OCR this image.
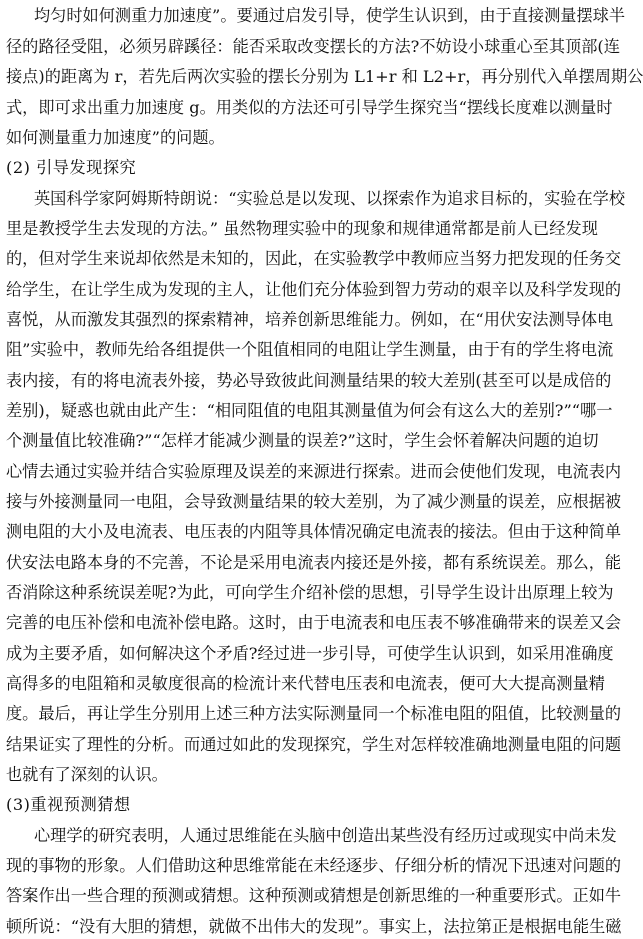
均匀时如何测重力加速度”。要通过启发引导，使学生认识到，由于直接测量摆球半
径的路径受阻，必须另辟蹊径：能否采取改变摆长的方法?不妨设小球重心至其顶部(连
接点)的距离为 r，若先后两次实验的摆长分别为 L1+r 和 L2+r，再分别代入单摆周期公
式，即可求出重力加速度 g。用类似的方法还可引导学生探究当“摆线长度难以测量时
如何测量重力加速度”的问题。
(2) 引导发现探究
英国科学家阿姆斯特朗说：“实验总是以发现、以探索作为追求目标的，实验在学校
里是教授学生去发现的方法。” 虽然物理实验中的现象和规律通常都是前人已经发现
的，但对学生来说却依然是未知的，因此，在实验教学中教师应当努力把发现的任务交
给学生，在让学生成为发现的主人，让他们充分体验到智力劳动的艰辛以及科学发现的
喜悦，从而激发其强烈的探索精神，培养创新思维能力。例如，在“用伏安法测导体电
阻”实验中，教师先给各组提供一个阻值相同的电阻让学生测量，由于有的学生将电流
表内接，有的将电流表外接，势必导致彼此间测量结果的较大差别(甚至可以是成倍的
差别)，疑惑也就由此产生：“相同阻值的电阻其测量值为何会有这么大的差别?”“哪一
个测量值比较准确?”“怎样才能减少测量的误差?”这时，学生会怀着解决问题的迫切
心情去通过实验并结合实验原理及误差的来源进行探索。进而会使他们发现，电流表内
接与外接测量同一电阻，会导致测量结果的较大差别，为了减少测量的误差，应根据被
测电阻的大小及电流表、电压表的内阻等具体情况确定电流表的接法。但由于这种简单
伏安法电路本身的不完善，不论是采用电流表内接还是外接，都有系统误差。那么，能
否消除这种系统误差呢?为此，可向学生介绍补偿的思想，引导学生设计出原理上较为
完善的电压补偿和电流补偿电路。这时，由于电流表和电压表不够准确带来的误差又会
成为主要矛盾，如何解决这个矛盾?经过进一步引导，可使学生认识到，如采用准确度
高得多的电阻箱和灵敏度很高的检流计来代替电压表和电流表，便可大大提高测量精
度。最后，再让学生分别用上述三种方法实际测量同一个标准电阻的阻值，比较测量的
结果证实了理性的分析。而通过如此的发现探究，学生对怎样较准确地测量电阻的问题
也就有了深刻的认识。
(3)重视预测猜想
心理学的研究表明，人通过思维能在头脑中创造出某些没有经历过或现实中尚未发
现的事物的形象。人们借助这种思维常能在未经逐步、仔细分析的情况下迅速对问题的
答案作出一些合理的预测或猜想。这种预测或猜想是创新思维的一种重要形式。正如牛
顿所说：“没有大胆的猜想，就做不出伟大的发现”。事实上，法拉第正是根据电能生磁
